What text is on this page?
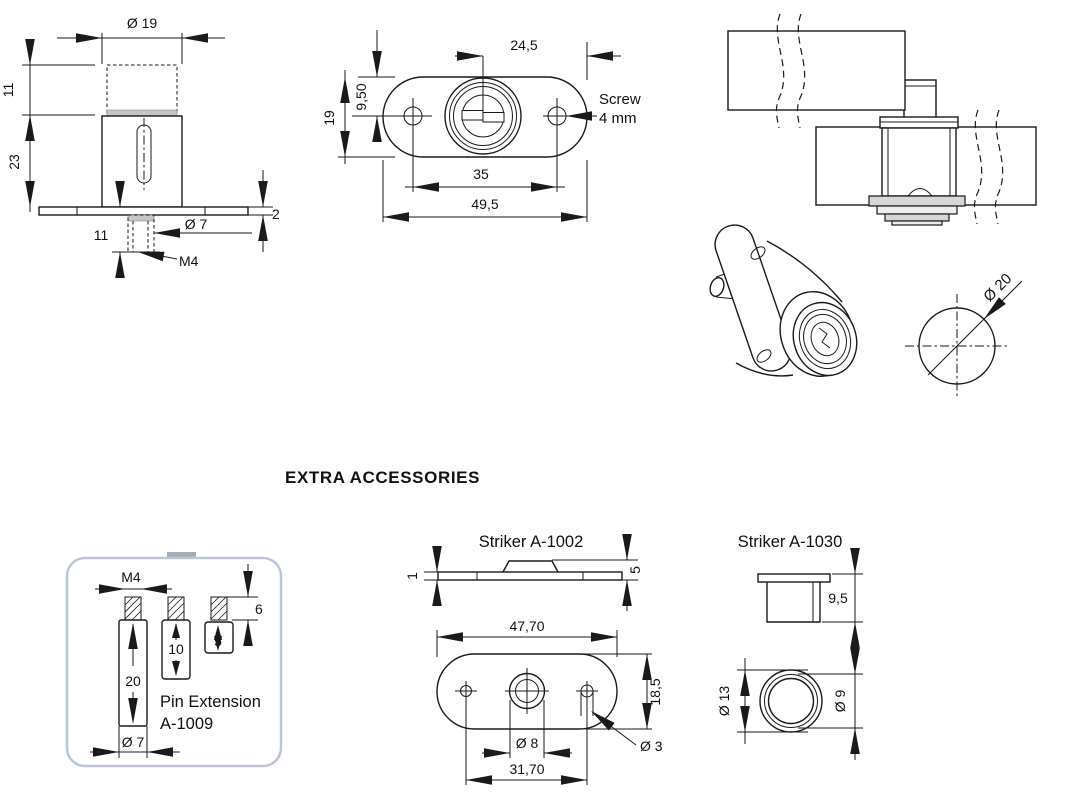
Ø 19
11
23
2
11
Ø 7
M4
24,5
9,50
19
35
49,5
Screw
4 mm
Ø 20
EXTRA ACCESSORIES
20
10 5
M4
6
Ø 7
Pin Extension
A-1009
Striker A-1002
1
5
47,70
18,5
Ø 8	Ø 3
31,70
Striker A-1030
9,5
Ø 9
Ø 13
